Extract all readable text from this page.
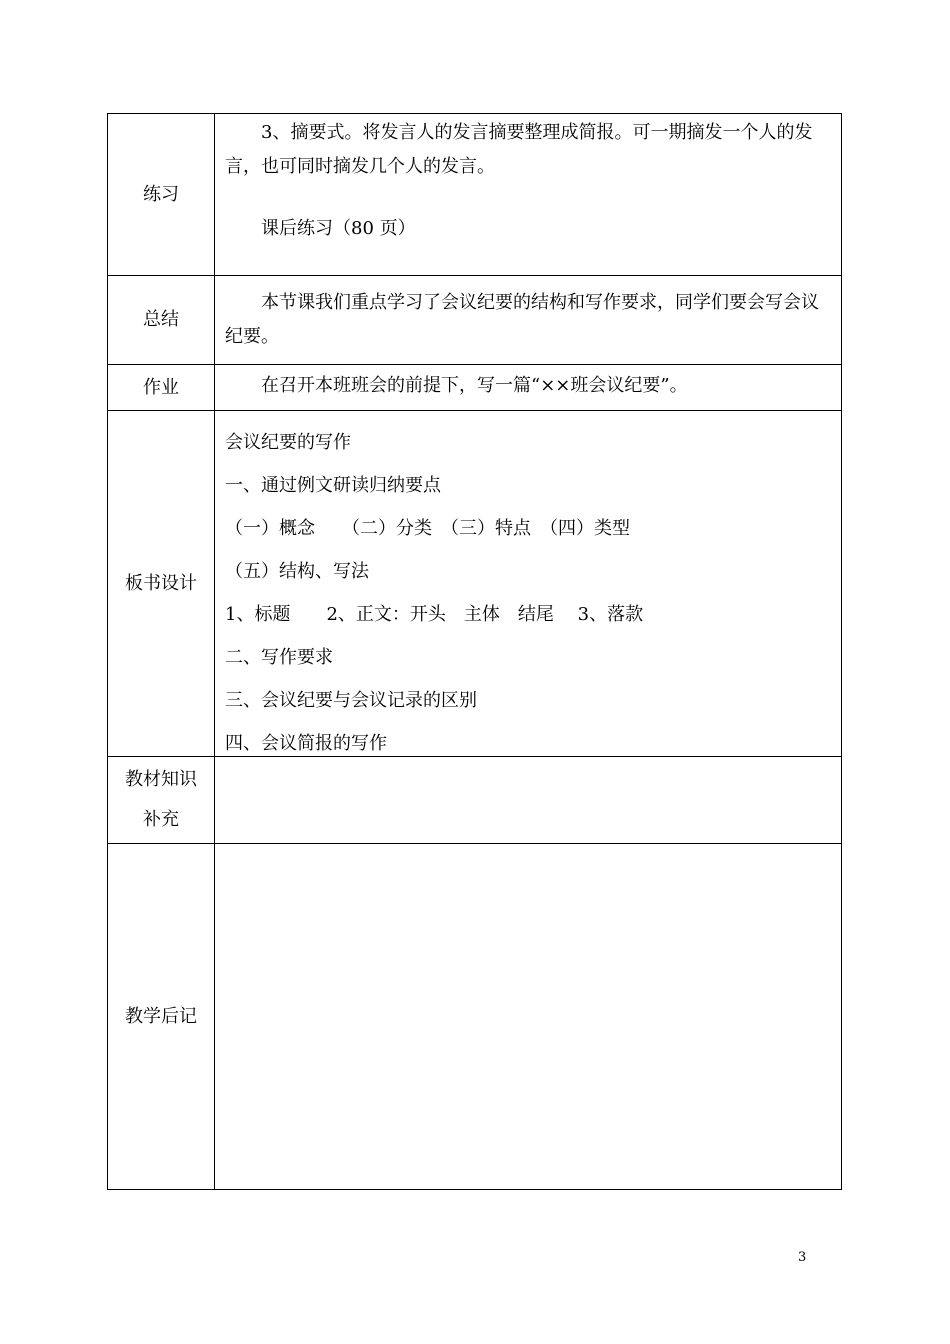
练习
3、摘要式。将发言人的发言摘要整理成简报。可一期摘发一个人的发言，也可同时摘发几个人的发言。
课后练习（80 页）
总结
本节课我们重点学习了会议纪要的结构和写作要求，同学们要会写会议纪要。
作业	在召开本班班会的前提下，写一篇“××班会议纪要”。
板书设计
会议纪要的写作
一、通过例文研读归纳要点
（一）概念　　（二）分类　（三）特点　（四）类型
（五）结构、写法
1、标题　　2、正文：开头　主体　结尾　 3、落款
二、写作要求
三、会议纪要与会议记录的区别
四、会议简报的写作
教材知识
补充
教学后记
3
